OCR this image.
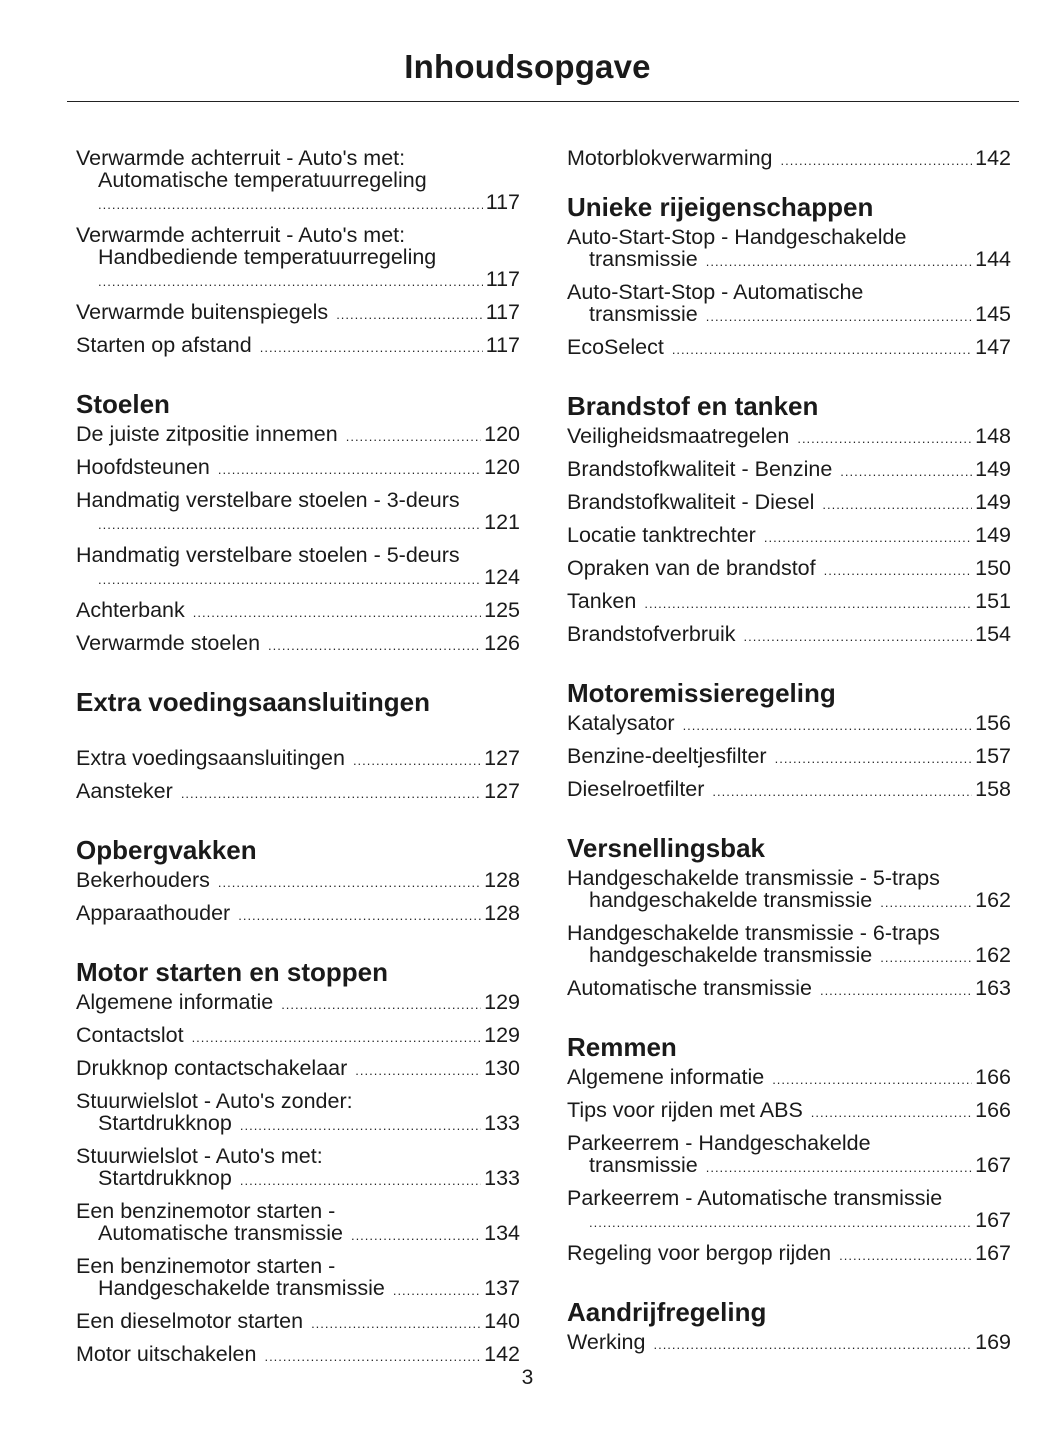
Inhoudsopgave
Verwarmde achterruit - Auto's met:
Automatische temperatuurregeling
.....
117
Verwarmde achterruit - Auto's met:
Handbediende temperatuurregeling
.....
117
Verwarmde buitenspiegels .....	117
Starten op afstand .....	117
Stoelen
De juiste zitpositie innemen .....	120
Hoofdsteunen .....	120
Handmatig verstelbare stoelen - 3-deurs
.....
121
Handmatig verstelbare stoelen - 5-deurs
.....
124
Achterbank .....	125
Verwarmde stoelen .....	126
Extra voedingsaansluitingen
Extra voedingsaansluitingen .....	127
Aansteker .....	127
Opbergvakken
Bekerhouders .....	128
Apparaathouder .....	128
Motor starten en stoppen
Algemene informatie .....	129
Contactslot .....	129
Drukknop contactschakelaar .....	130
Stuurwielslot - Auto's zonder:
Startdrukknop .....	133
Stuurwielslot - Auto's met:
Startdrukknop .....	133
Een benzinemotor starten -
Automatische transmissie .....	134
Een benzinemotor starten -
Handgeschakelde transmissie .....	137
Een dieselmotor starten .....	140
Motor uitschakelen .....	142
Motorblokverwarming .....	142
Unieke rijeigenschappen
Auto-Start-Stop - Handgeschakelde
transmissie .....	144
Auto-Start-Stop - Automatische
transmissie .....	145
EcoSelect .....	147
Brandstof en tanken
Veiligheidsmaatregelen .....	148
Brandstofkwaliteit - Benzine .....	149
Brandstofkwaliteit - Diesel .....	149
Locatie tanktrechter .....	149
Opraken van de brandstof .....	150
Tanken .....	151
Brandstofverbruik .....	154
Motoremissieregeling
Katalysator .....	156
Benzine-deeltjesfilter .....	157
Dieselroetfilter .....	158
Versnellingsbak
Handgeschakelde transmissie - 5-traps
handgeschakelde transmissie .....	162
Handgeschakelde transmissie - 6-traps
handgeschakelde transmissie .....	162
Automatische transmissie .....	163
Remmen
Algemene informatie .....	166
Tips voor rijden met ABS .....	166
Parkeerrem - Handgeschakelde
transmissie .....	167
Parkeerrem - Automatische transmissie
.....
167
Regeling voor bergop rijden .....	167
Aandrijfregeling
Werking .....	169
3
